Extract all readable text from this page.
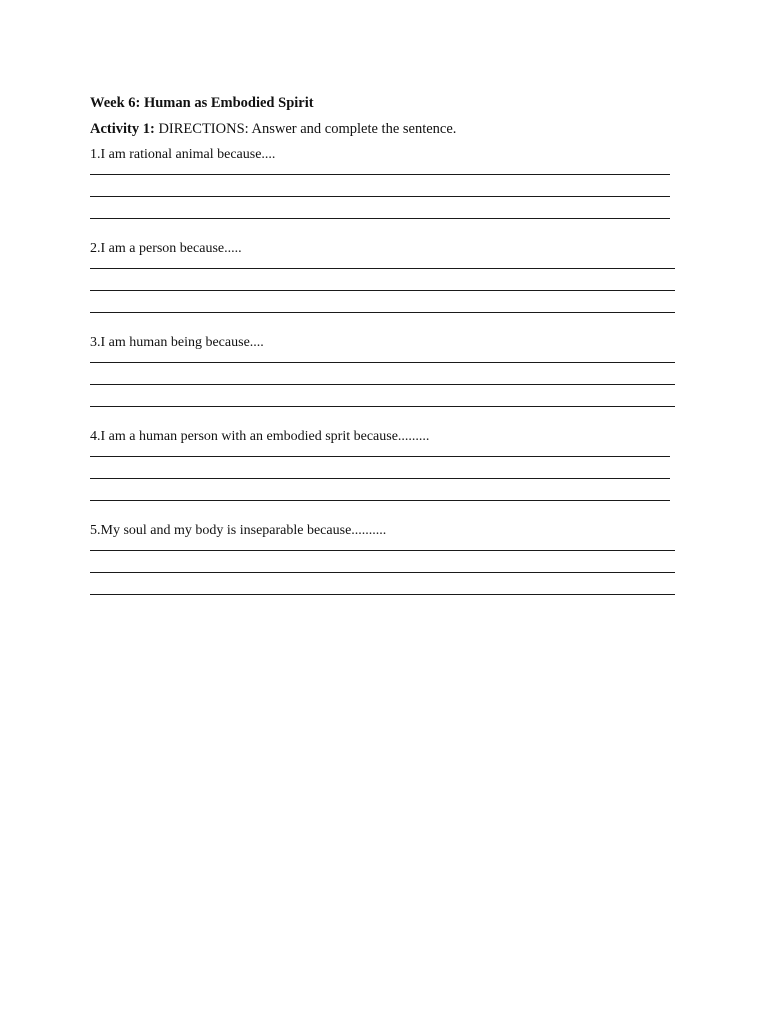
Week 6: Human as Embodied Spirit

Activity 1: DIRECTIONS: Answer and complete the sentence.

1.I am rational animal because....

2.I am a person because.....

3.I am human being because....

4.I am a human person with an embodied sprit because.........

5.My soul and my body is inseparable because..........
